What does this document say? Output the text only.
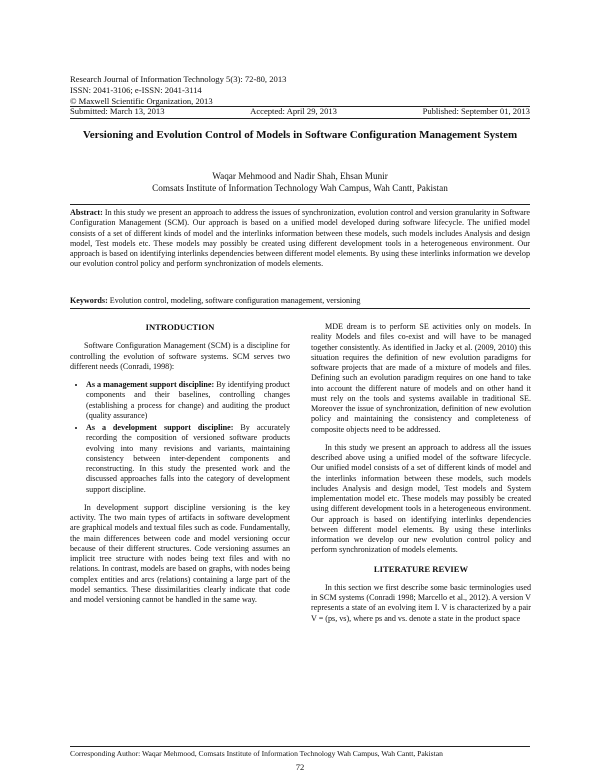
Research Journal of Information Technology 5(3): 72-80, 2013
ISSN: 2041-3106; e-ISSN: 2041-3114
© Maxwell Scientific Organization, 2013
Submitted: March 13, 2013	Accepted: April 29, 2013	Published: September 01, 2013
Versioning and Evolution Control of Models in Software Configuration Management System
Waqar Mehmood and Nadir Shah, Ehsan Munir
Comsats Institute of Information Technology Wah Campus, Wah Cantt, Pakistan
Abstract: In this study we present an approach to address the issues of synchronization, evolution control and version granularity in Software Configuration Management (SCM). Our approach is based on a unified model developed during software lifecycle. The unified model consists of a set of different kinds of model and the interlinks information between these models, such models includes Analysis and design model, Test models etc. These models may possibly be created using different development tools in a heterogeneous environment. Our approach is based on identifying interlinks dependencies between different model elements. By using these interlinks information we develop our evolution control policy and perform synchronization of models elements.
Keywords: Evolution control, modeling, software configuration management, versioning
INTRODUCTION

Software Configuration Management (SCM) is a discipline for controlling the evolution of software systems. SCM serves two different needs (Conradi, 1998):

• As a management support discipline: By identifying product components and their baselines, controlling changes (establishing a process for change) and auditing the product (quality assurance)
• As a development support discipline: By accurately recording the composition of versioned software products evolving into many revisions and variants, maintaining consistency between inter-dependent components and reconstructing. In this study the presented work and the discussed approaches falls into the category of development support discipline.

In development support discipline versioning is the key activity. The two main types of artifacts in software development are graphical models and textual files such as code. Fundamentally, the main differences between code and model versioning occur because of their different structures. Code versioning assumes an implicit tree structure with nodes being text files and with no relations. In contrast, models are based on graphs, with nodes being complex entities and arcs (relations) containing a large part of the model semantics. These dissimilarities clearly indicate that code and model versioning cannot be handled in the same way.

MDE dream is to perform SE activities only on models. In reality Models and files co-exist and will have to be managed together consistently. As identified in Jacky et al. (2009, 2010) this situation requires the definition of new evolution paradigms for software projects that are made of a mixture of models and files. Defining such an evolution paradigm requires on one hand to take into account the different nature of models and on other hand it must rely on the tools and systems available in traditional SE. Moreover the issue of synchronization, definition of new evolution policy and maintaining the consistency and completeness of composite objects need to be addressed.

In this study we present an approach to address all the issues described above using a unified model of the software lifecycle. Our unified model consists of a set of different kinds of model and the interlinks information between these models, such models includes Analysis and design model, Test models and System implementation model etc. These models may possibly be created using different development tools in a heterogeneous environment. Our approach is based on identifying interlinks dependencies between different model elements. By using these interlinks information we develop our new evolution control policy and perform synchronization of models elements.

LITERATURE REVIEW

In this section we first describe some basic terminologies used in SCM systems (Conradi 1998; Marcello et al., 2012). A version V represents a state of an evolving item I. V is characterized by a pair V = (ps, vs), where ps and vs. denote a state in the product space

Corresponding Author: Waqar Mehmood, Comsats Institute of Information Technology Wah Campus, Wah Cantt, Pakistan
72
